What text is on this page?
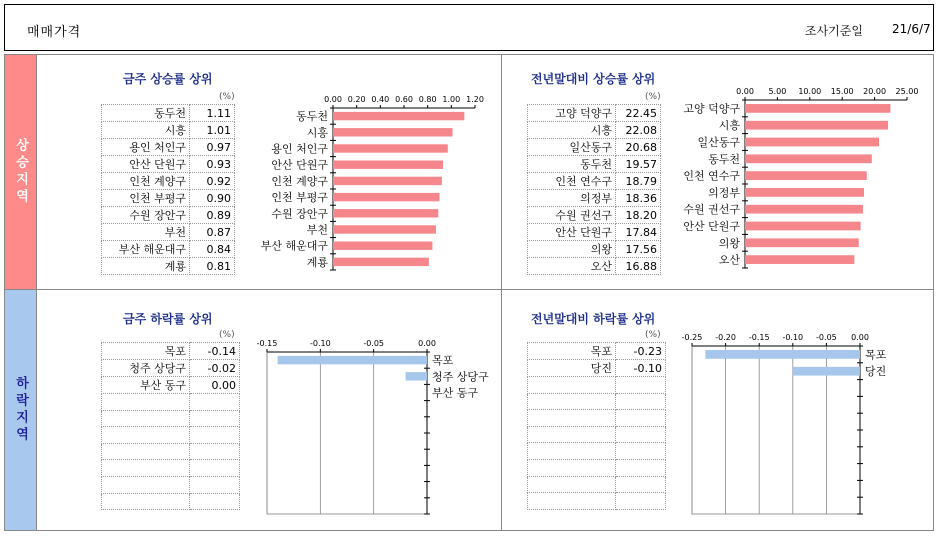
매매가격	조사기준일 21/6/7
상승지역
하락지역
금주 상승률 상위
(%)
동두천	1.11
시흥	1.01
용인 처인구	0.97
안산 단원구	0.93
인천 계양구	0.92
인천 부평구	0.90
수원 장안구	0.89
부천	0.87
부산 해운대구	0.84
계룡	0.81
0.00 0.20 0.40 0.60 0.80 1.00 1.20
동두천
시흥
용인 처인구
안산 단원구
인천 계양구
인천 부평구
수원 장안구
부천
부산 해운대구
계룡
전년말대비 상승률 상위
(%)
고양 덕양구	22.45
시흥	22.08
일산동구	20.68
동두천	19.57
인천 연수구	18.79
의정부	18.36
수원 권선구	18.20
안산 단원구	17.84
의왕	17.56
오산	16.88
0.00 5.00 10.00 15.00 20.00 25.00
고양 덕양구
시흥
일산동구
동두천
인천 연수구
의정부
수원 권선구
안산 단원구
의왕
오산
금주 하락률 상위
(%)
목포	-0.14
청주 상당구	-0.02
부산 동구	0.00

-0.15	-0.10	-0.05	0.00
목포
청주 상당구
부산 동구
전년말대비 하락률 상위
(%)
목포	-0.23
당진	-0.10

-0.25 -0.20 -0.15 -0.10 -0.05 0.00
목포
당진
